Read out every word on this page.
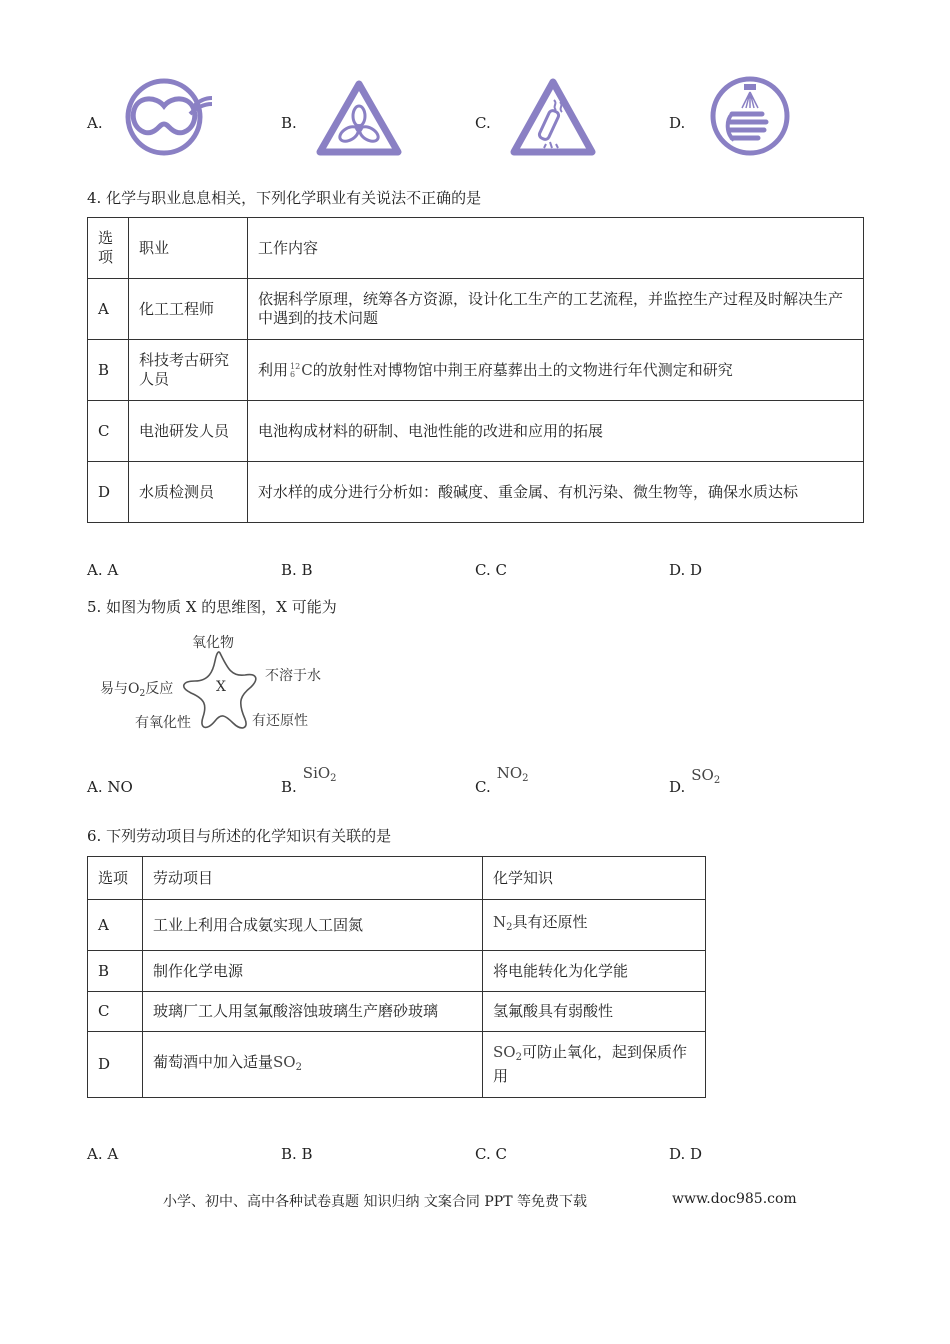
A.	B.	C.	D.
4. 化学与职业息息相关，下列化学职业有关说法不正确的是
选项	职业	工作内容
A	化工工程师	依据科学原理，统筹各方资源，设计化工生产的工艺流程，并监控生产过程及时解决生产中遇到的技术问题
B	科技考古研究人员	利用 12
6 C的放射性对博物馆中荆王府墓葬出土的文物进行年代测定和研究
C	电池研发人员	电池构成材料的研制、电池性能的改进和应用的拓展
D	水质检测员	对水样的成分进行分析如：酸碱度、重金属、有机污染、微生物等，确保水质达标
A. A	B. B	C. C	D. D
5. 如图为物质 X 的思维图，X 可能为
X
氧化物
不溶于水
易与$O_2$反应
有氧化性	有还原性
A. NO	B.SiO$_2$	$C.NO_2$	$D.SO_2$
6. 下列劳动项目与所述的化学知识有关联的是
选项	劳动项目	化学知识
A	工业上利用合成氨实现人工固氮	$N_2$具有还原性
B	制作化学电源	将电能转化为化学能
C	玻璃厂工人用氢氟酸溶蚀玻璃生产磨砂玻璃	氢氟酸具有弱酸性
D	葡萄酒中加入适量$SO_2$	$SO_2$可防止氧化，起到保质作用
A. A	B. B	C. C	D. D
小学、初中、高中各种试卷真题 知识归纳 文案合同 PPT 等免费下载	www.doc985.com
